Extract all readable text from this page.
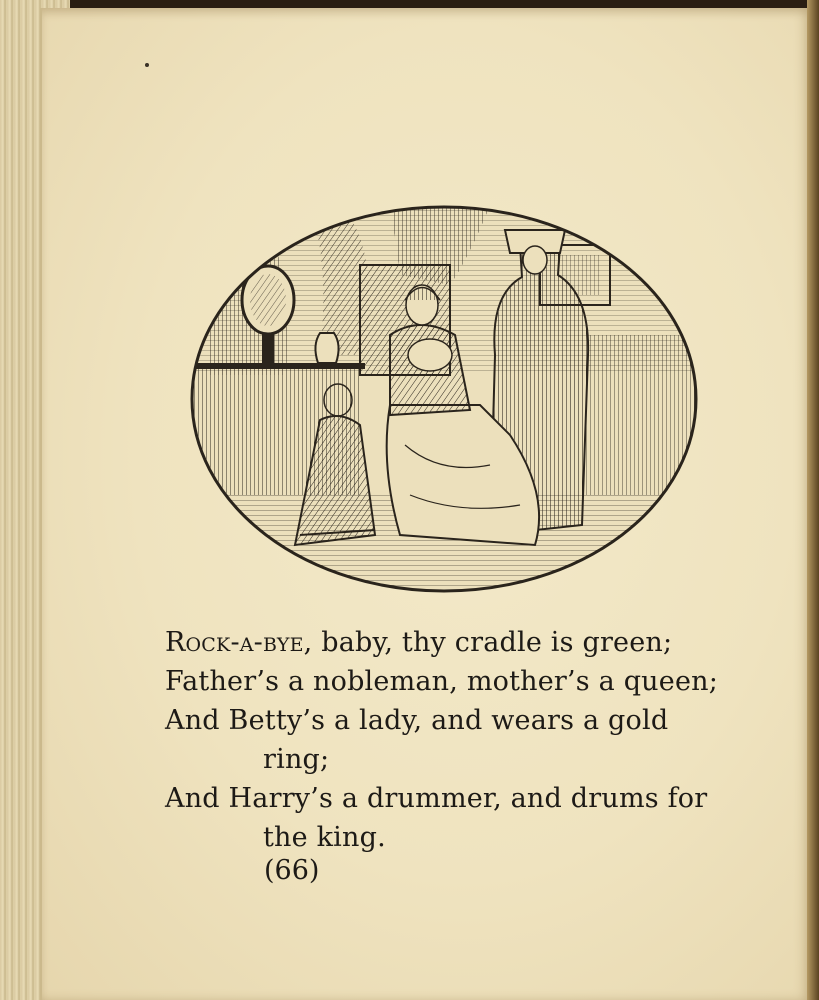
Rock-a-bye, baby, thy cradle is green;
Father’s a nobleman, mother’s a queen;
And Betty’s a lady, and wears a gold
ring;
And Harry’s a drummer, and drums for
the king.
(66)
